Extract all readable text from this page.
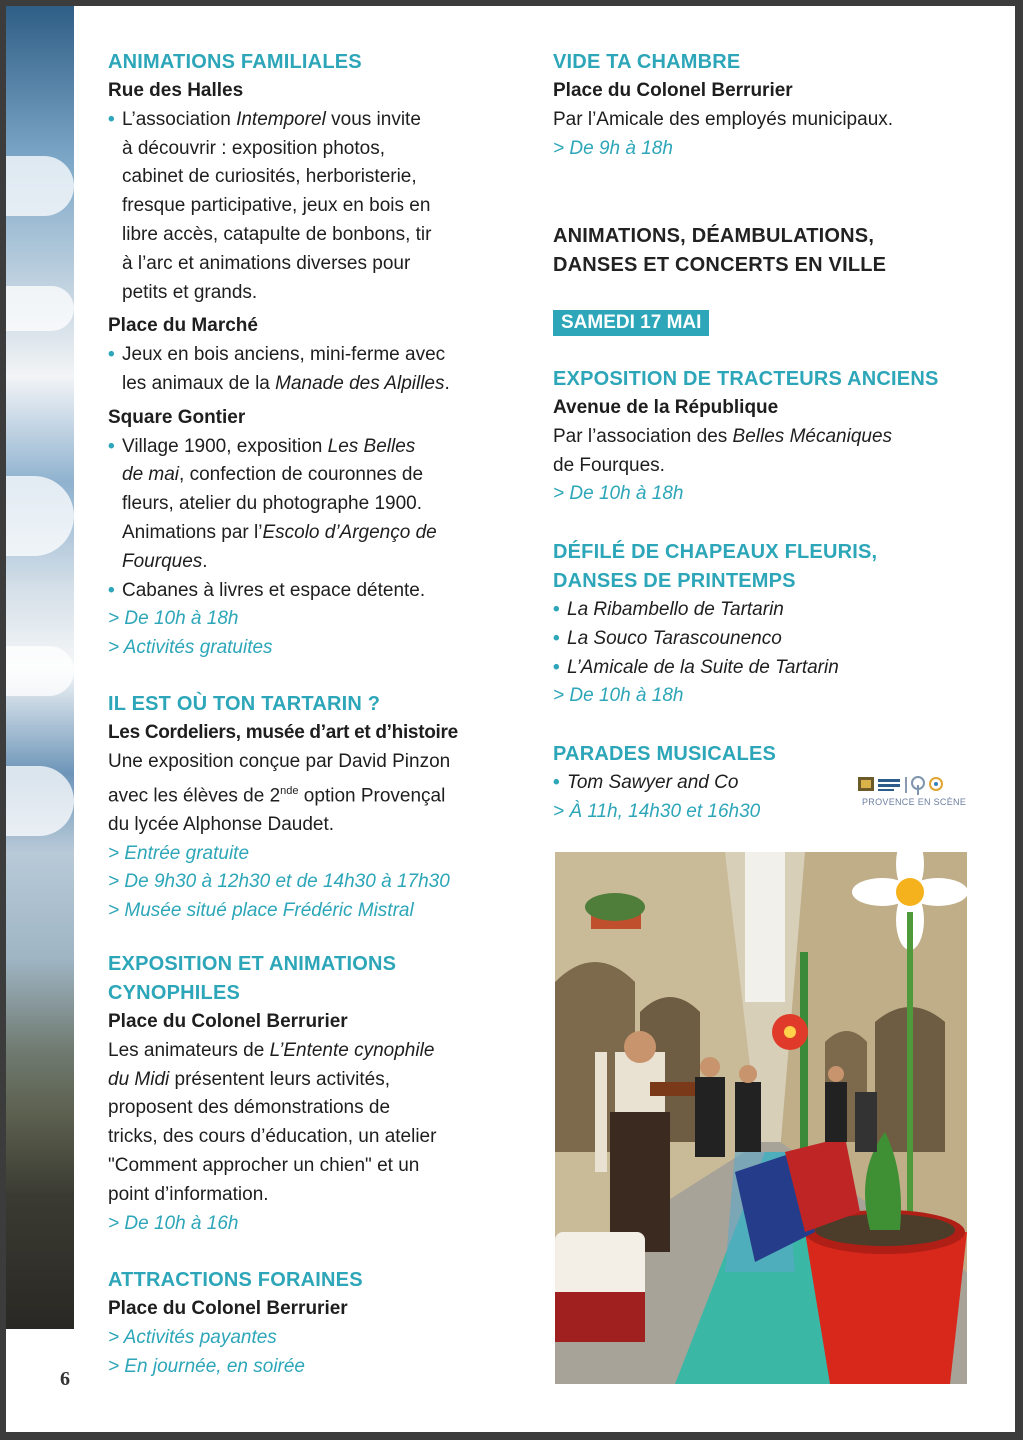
ANIMATIONS FAMILIALES
Rue des Halles
• L’association Intemporel vous invite
à découvrir : exposition photos,
cabinet de curiosités, herboristerie,
fresque participative, jeux en bois en
libre accès, catapulte de bonbons, tir
à l’arc et animations diverses pour
petits et grands.
Place du Marché
• Jeux en bois anciens, mini-ferme avec
les animaux de la Manade des Alpilles.
Square Gontier
• Village 1900, exposition Les Belles
de mai, confection de couronnes de
fleurs, atelier du photographe 1900.
Animations par l’Escolo d’Argenço de
Fourques.
• Cabanes à livres et espace détente.
> De 10h à 18h
> Activités gratuites
IL EST OÙ TON TARTARIN ?
Les Cordeliers, musée d’art et d’histoire
Une exposition conçue par David Pinzon
avec les élèves de 2nde option Provençal
du lycée Alphonse Daudet.
> Entrée gratuite
> De 9h30 à 12h30 et de 14h30 à 17h30
> Musée situé place Frédéric Mistral
EXPOSITION ET ANIMATIONS
CYNOPHILES
Place du Colonel Berrurier
Les animateurs de L’Entente cynophile
du Midi présentent leurs activités,
proposent des démonstrations de
tricks, des cours d’éducation, un atelier
"Comment approcher un chien" et un
point d’information.
> De 10h à 16h
ATTRACTIONS FORAINES
Place du Colonel Berrurier
> Activités payantes
> En journée, en soirée
VIDE TA CHAMBRE
Place du Colonel Berrurier
Par l’Amicale des employés municipaux.
> De 9h à 18h
ANIMATIONS, DÉAMBULATIONS,
DANSES ET CONCERTS EN VILLE
SAMEDI 17 MAI
EXPOSITION DE TRACTEURS ANCIENS
Avenue de la République
Par l’association des Belles Mécaniques
de Fourques.
> De 10h à 18h
DÉFILÉ DE CHAPEAUX FLEURIS,
DANSES DE PRINTEMPS
• La Ribambello de Tartarin
• La Souco Tarascounenco
• L’Amicale de la Suite de Tartarin
> De 10h à 18h
PARADES MUSICALES
• Tom Sawyer and Co
> À 11h, 14h30 et 16h30	PROVENCE EN SCÈNE
6
